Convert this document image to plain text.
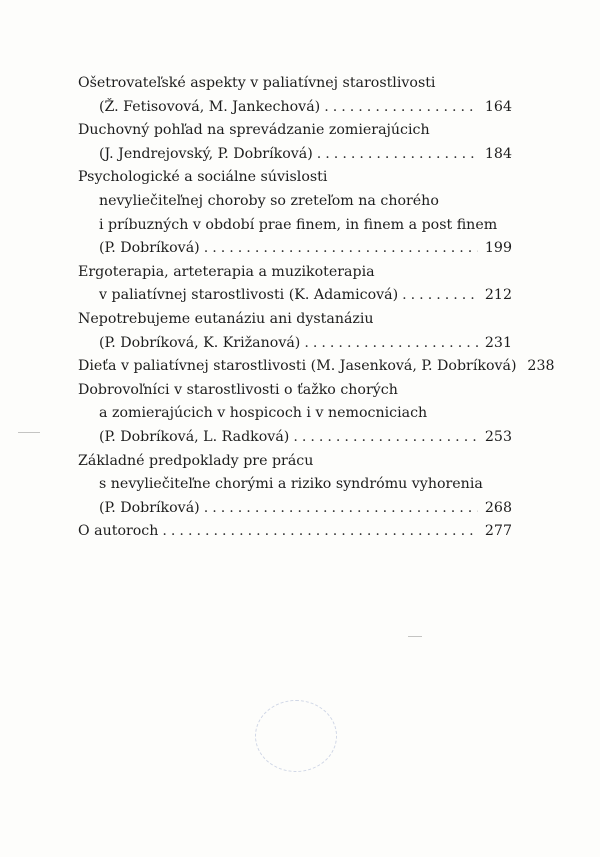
Ošetrovateľské aspekty v paliatívnej starostlivosti
(Ž. Fetisovová, M. Jankechová) . . .	164
Duchovný pohľad na sprevádzanie zomierajúcich
(J. Jendrejovský, P. Dobríková) . . .	184
Psychologické a sociálne súvislosti
nevyliečiteľnej choroby so zreteľom na chorého
i príbuzných v období prae finem, in finem a post finem
(P. Dobríková) . . .	199
Ergoterapia, arteterapia a muzikoterapia
v paliatívnej starostlivosti (K. Adamicová) . . .	212
Nepotrebujeme eutanáziu ani dystanáziu
(P. Dobríková, K. Križanová) . . .	231
Dieťa v paliatívnej starostlivosti (M. Jasenková, P. Dobríková) 238
Dobrovoľníci v starostlivosti o ťažko chorých
a zomierajúcich v hospicoch i v nemocniciach
(P. Dobríková, L. Radková) . . .	253
Základné predpoklady pre prácu
s nevyliečiteľne chorými a riziko syndrómu vyhorenia
(P. Dobríková) . . .	268
O autoroch . . .	277
